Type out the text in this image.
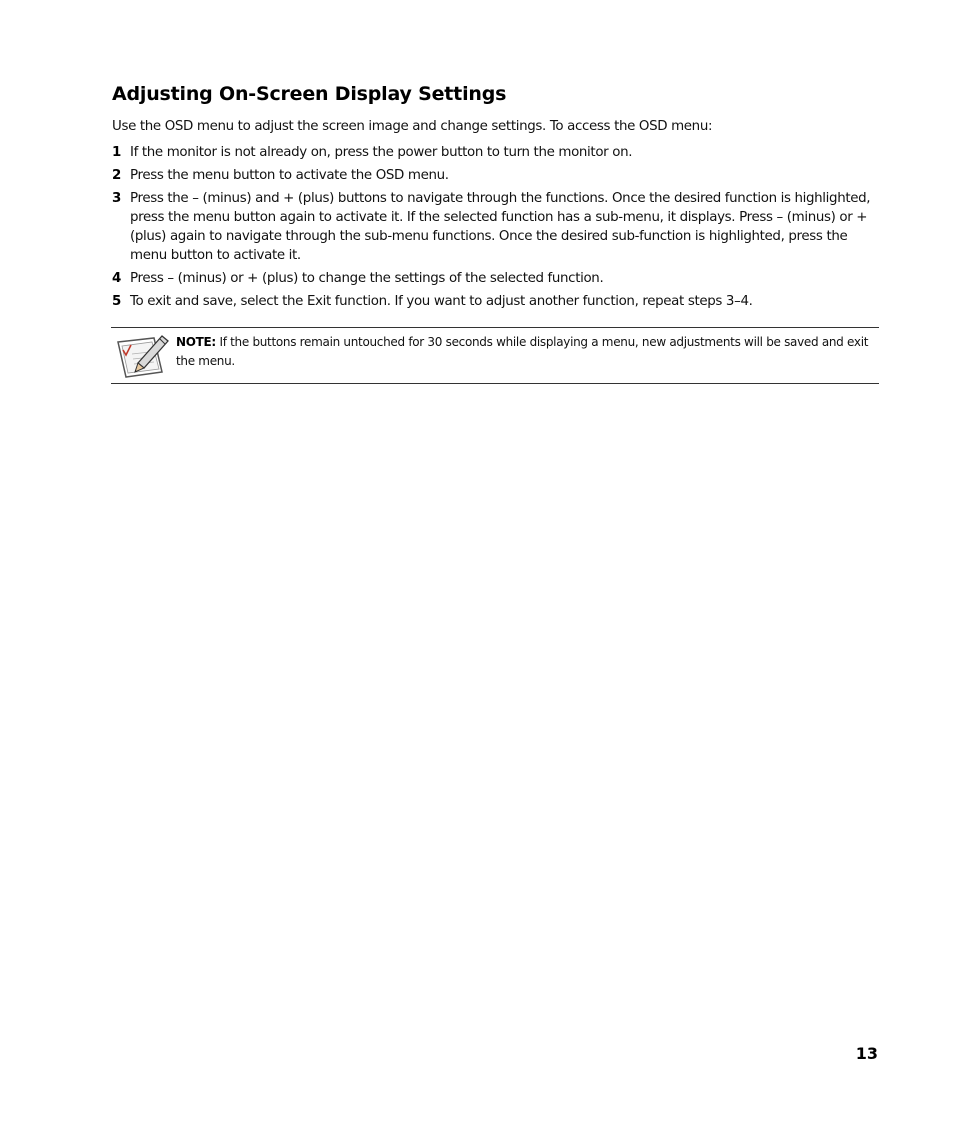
Adjusting On-Screen Display Settings

Use the OSD menu to adjust the screen image and change settings. To access the OSD menu:

1 If the monitor is not already on, press the power button to turn the monitor on.
2 Press the menu button to activate the OSD menu.
3 Press the – (minus) and + (plus) buttons to navigate through the functions. Once the desired function is highlighted, press the menu button again to activate it. If the selected function has a sub-menu, it displays. Press – (minus) or + (plus) again to navigate through the sub-menu functions. Once the desired sub-function is highlighted, press the menu button to activate it.
4 Press – (minus) or + (plus) to change the settings of the selected function.
5 To exit and save, select the Exit function. If you want to adjust another function, repeat steps 3–4.

NOTE: If the buttons remain untouched for 30 seconds while displaying a menu, new adjustments will be saved and exit the menu.

13
